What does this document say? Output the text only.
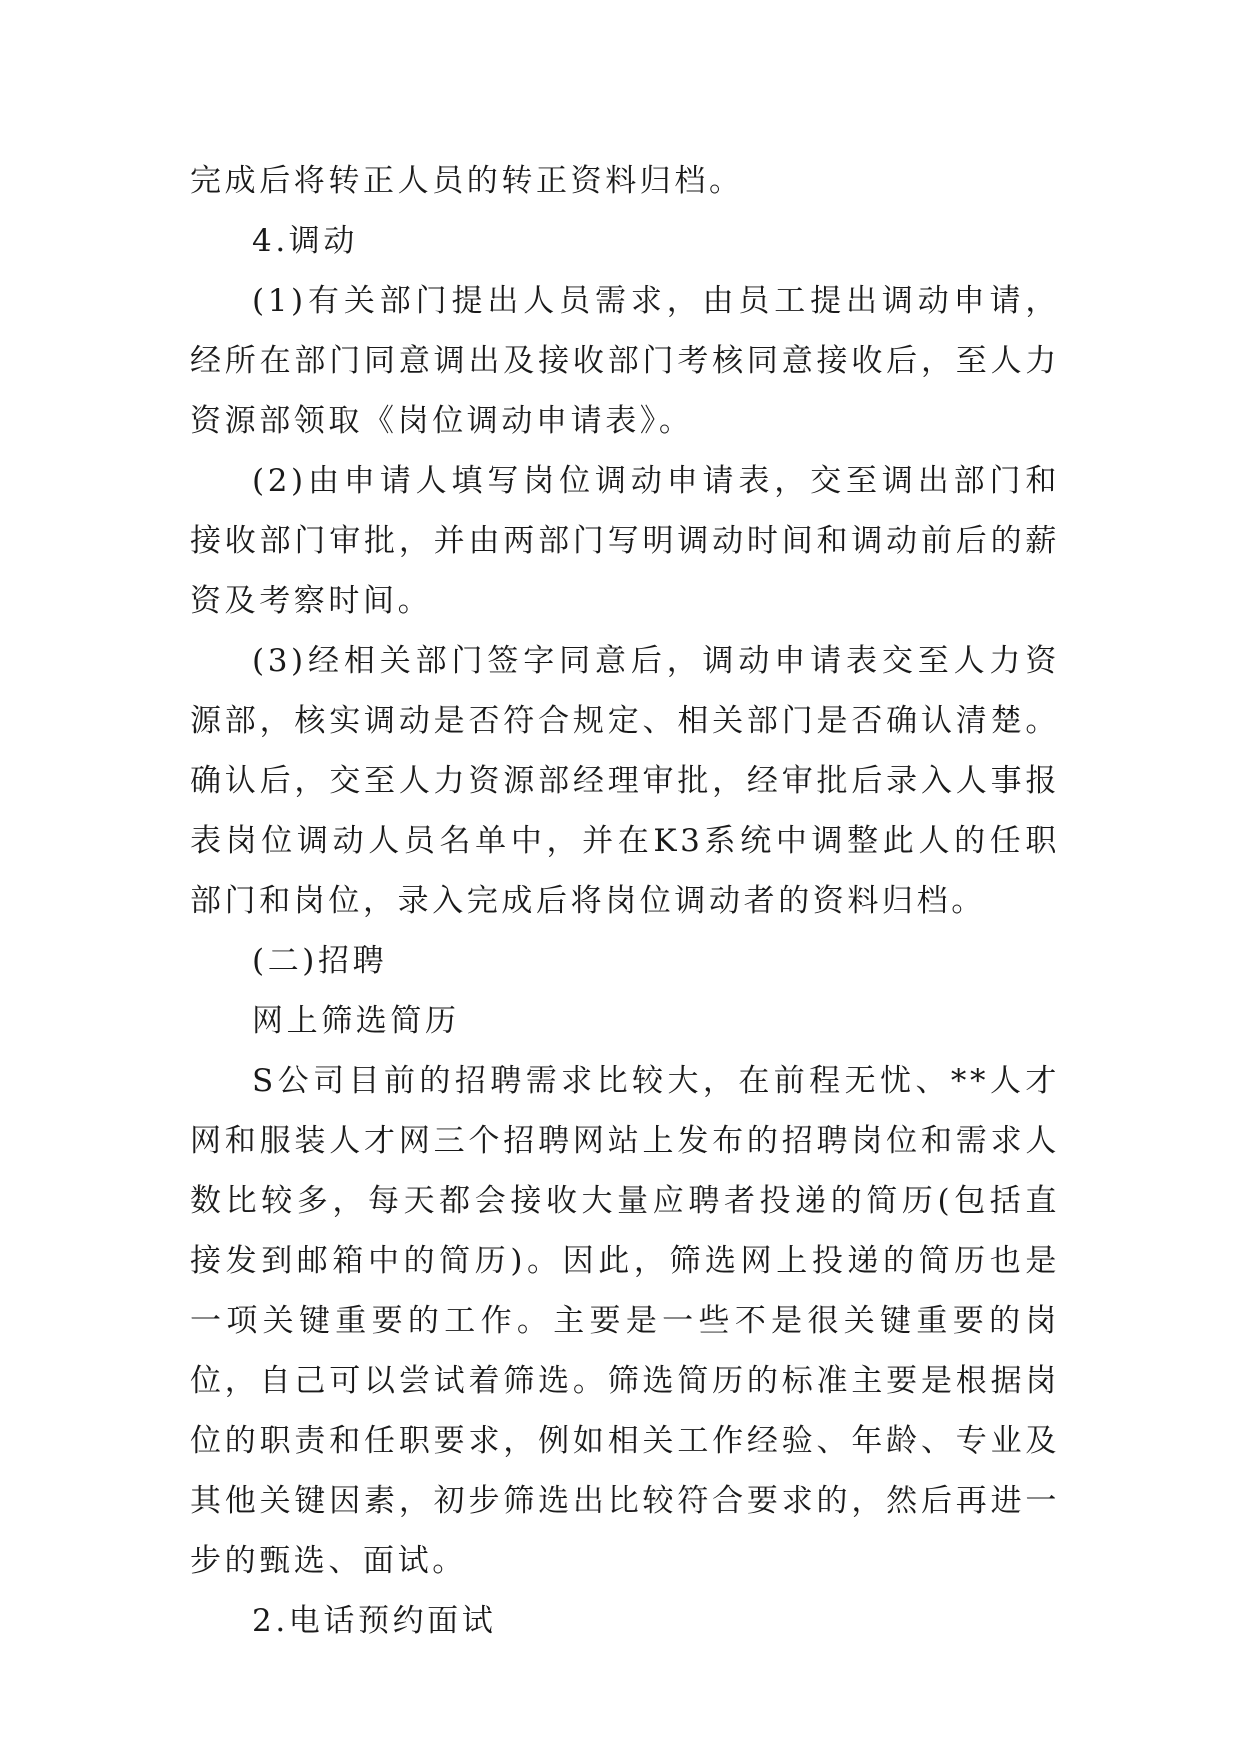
完成后将转正人员的转正资料归档。

4.调动

(1)有关部门提出人员需求，由员工提出调动申请，经所在部门同意调出及接收部门考核同意接收后，至人力资源部领取《岗位调动申请表》。

(2)由申请人填写岗位调动申请表，交至调出部门和接收部门审批，并由两部门写明调动时间和调动前后的薪资及考察时间。

(3)经相关部门签字同意后，调动申请表交至人力资源部，核实调动是否符合规定、相关部门是否确认清楚。确认后，交至人力资源部经理审批，经审批后录入人事报表岗位调动人员名单中，并在K3系统中调整此人的任职部门和岗位，录入完成后将岗位调动者的资料归档。

(二)招聘

网上筛选简历

S公司目前的招聘需求比较大，在前程无忧、**人才网和服装人才网三个招聘网站上发布的招聘岗位和需求人数比较多，每天都会接收大量应聘者投递的简历(包括直接发到邮箱中的简历)。因此，筛选网上投递的简历也是一项关键重要的工作。主要是一些不是很关键重要的岗位，自己可以尝试着筛选。筛选简历的标准主要是根据岗位的职责和任职要求，例如相关工作经验、年龄、专业及其他关键因素，初步筛选出比较符合要求的，然后再进一步的甄选、面试。

2.电话预约面试
